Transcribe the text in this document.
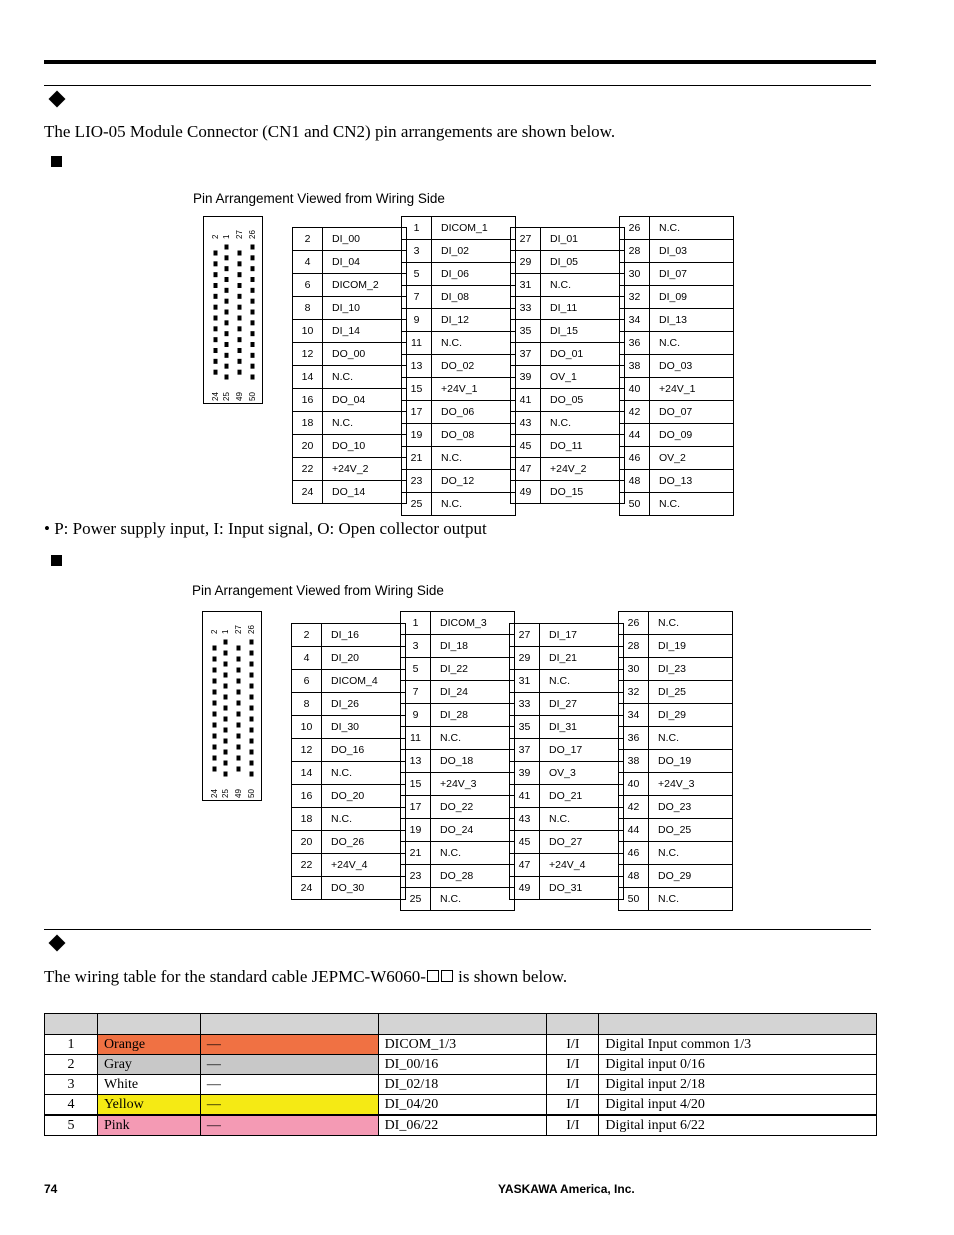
The LIO-05 Module Connector (CN1 and CN2) pin arrangements are shown below.
Pin Arrangement Viewed from Wiring Side
2 1 27 26
24 25 49 50
2	DI_00
4	DI_04
6	DICOM_2
8	DI_10
10	DI_14
12	DO_00
14	N.C.
16	DO_04
18	N.C.
20	DO_10
22	+24V_2
24	DO_14
1	DICOM_1
3	DI_02
5	DI_06
7	DI_08
9	DI_12
11	N.C.
13	DO_02
15	+24V_1
17	DO_06
19	DO_08
21	N.C.
23	DO_12
25	N.C.
27	DI_01
29	DI_05
31	N.C.
33	DI_11
35	DI_15
37	DO_01
39	OV_1
41	DO_05
43	N.C.
45	DO_11
47	+24V_2
49	DO_15
26	N.C.
28	DI_03
30	DI_07
32	DI_09
34	DI_13
36	N.C.
38	DO_03
40	+24V_1
42	DO_07
44	DO_09
46	OV_2
48	DO_13
50	N.C.
• P: Power supply input, I: Input signal, O: Open collector output
Pin Arrangement Viewed from Wiring Side
2 1 27 26
24 25 49 50
2	DI_16
4	DI_20
6	DICOM_4
8	DI_26
10	DI_30
12	DO_16
14	N.C.
16	DO_20
18	N.C.
20	DO_26
22	+24V_4
24	DO_30
1	DICOM_3
3	DI_18
5	DI_22
7	DI_24
9	DI_28
11	N.C.
13	DO_18
15	+24V_3
17	DO_22
19	DO_24
21	N.C.
23	DO_28
25	N.C.
27	DI_17
29	DI_21
31	N.C.
33	DI_27
35	DI_31
37	DO_17
39	OV_3
41	DO_21
43	N.C.
45	DO_27
47	+24V_4
49	DO_31
26	N.C.
28	DI_19
30	DI_23
32	DI_25
34	DI_29
36	N.C.
38	DO_19
40	+24V_3
42	DO_23
44	DO_25
46	N.C.
48	DO_29
50	N.C.
The wiring table for the standard cable JEPMC-W6060- is shown below.

1	Orange	—	DICOM_1/3	I/I	Digital Input common 1/3
2	Gray	—	DI_00/16	I/I	Digital input 0/16
3	White	—	DI_02/18	I/I	Digital input 2/18
4	Yellow	—	DI_04/20	I/I	Digital input 4/20
5	Pink	—	DI_06/22	I/I	Digital input 6/22
74	YASKAWA America, Inc.
